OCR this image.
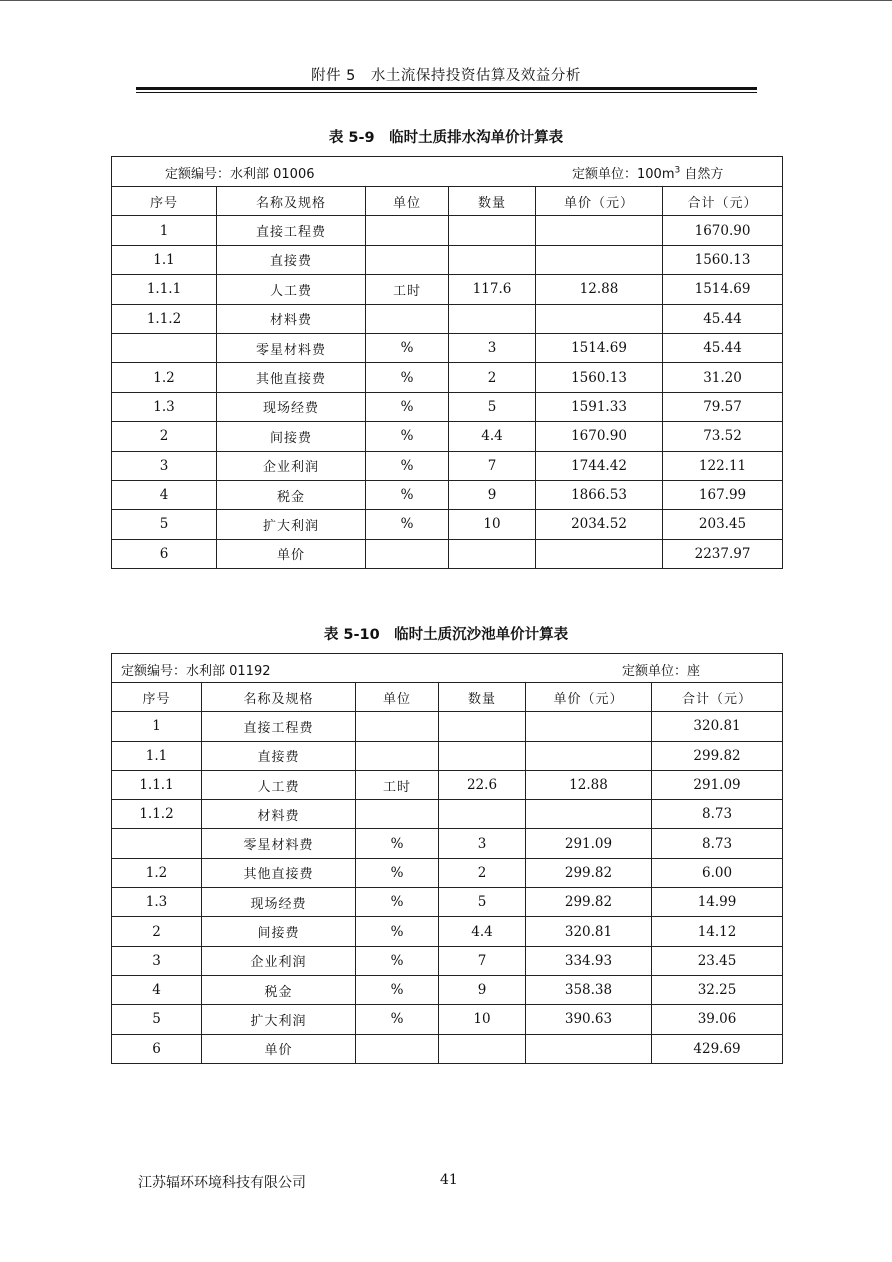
附件 5　水土流保持投资估算及效益分析
表 5-9　临时土质排水沟单价计算表
定额编号：水利部 01006 定额单位：$100m^3$ 自然方					

序号	名称及规格	单位	数量	单价（元）	合计（元）
1	直接工程费				1670.90
1.1	直接费				1560.13
1.1.1	人工费	工时	117.6	12.88	1514.69
1.1.2	材料费				45.44
	零星材料费	%	3	1514.69	45.44
1.2	其他直接费	%	2	1560.13	31.20
1.3	现场经费	%	5	1591.33	79.57
2	间接费	%	4.4	1670.90	73.52
3	企业利润	%	7	1744.42	122.11
4	税金	%	9	1866.53	167.99
5	扩大利润	%	10	2034.52	203.45
6	单价				2237.97
表 5-10　临时土质沉沙池单价计算表
定额编号：水利部 01192 定额单位：座					

序号	名称及规格	单位	数量	单价（元）	合计（元）
1	直接工程费				320.81
1.1	直接费				299.82
1.1.1	人工费	工时	22.6	12.88	291.09
1.1.2	材料费				8.73
	零星材料费	%	3	291.09	8.73
1.2	其他直接费	%	2	299.82	6.00
1.3	现场经费	%	5	299.82	14.99
2	间接费	%	4.4	320.81	14.12
3	企业利润	%	7	334.93	23.45
4	税金	%	9	358.38	32.25
5	扩大利润	%	10	390.63	39.06
6	单价				429.69
江苏辐环环境科技有限公司	41
